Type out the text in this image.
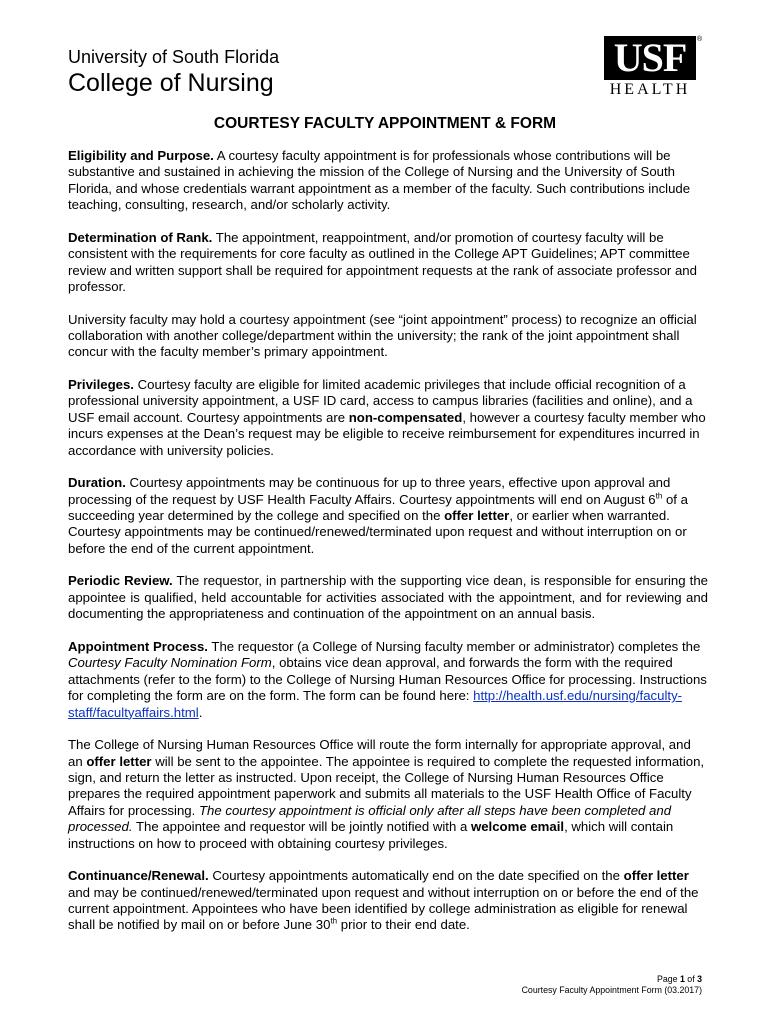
University of South Florida
College of Nursing
USF	®
HEALTH
COURTESY FACULTY APPOINTMENT & FORM

Eligibility and Purpose. A courtesy faculty appointment is for professionals whose contributions will be substantive and sustained in achieving the mission of the College of Nursing and the University of South Florida, and whose credentials warrant appointment as a member of the faculty. Such contributions include teaching, consulting, research, and/or scholarly activity.

Determination of Rank. The appointment, reappointment, and/or promotion of courtesy faculty will be consistent with the requirements for core faculty as outlined in the College APT Guidelines; APT committee review and written support shall be required for appointment requests at the rank of associate professor and professor.

University faculty may hold a courtesy appointment (see “joint appointment” process) to recognize an official collaboration with another college/department within the university; the rank of the joint appointment shall concur with the faculty member’s primary appointment.

Privileges. Courtesy faculty are eligible for limited academic privileges that include official recognition of a professional university appointment, a USF ID card, access to campus libraries (facilities and online), and a USF email account. Courtesy appointments are non-compensated, however a courtesy faculty member who incurs expenses at the Dean’s request may be eligible to receive reimbursement for expenditures incurred in accordance with university policies.

Duration. Courtesy appointments may be continuous for up to three years, effective upon approval and processing of the request by USF Health Faculty Affairs. Courtesy appointments will end on August 6th of a succeeding year determined by the college and specified on the offer letter, or earlier when warranted. Courtesy appointments may be continued/renewed/terminated upon request and without interruption on or before the end of the current appointment.

Periodic Review. The requestor, in partnership with the supporting vice dean, is responsible for ensuring the appointee is qualified, held accountable for activities associated with the appointment, and for reviewing and documenting the appropriateness and continuation of the appointment on an annual basis.

Appointment Process. The requestor (a College of Nursing faculty member or administrator) completes the Courtesy Faculty Nomination Form, obtains vice dean approval, and forwards the form with the required attachments (refer to the form) to the College of Nursing Human Resources Office for processing. Instructions for completing the form are on the form. The form can be found here: http://health.usf.edu/nursing/faculty-staff/facultyaffairs.html.

The College of Nursing Human Resources Office will route the form internally for appropriate approval, and an offer letter will be sent to the appointee. The appointee is required to complete the requested information, sign, and return the letter as instructed. Upon receipt, the College of Nursing Human Resources Office prepares the required appointment paperwork and submits all materials to the USF Health Office of Faculty Affairs for processing. The courtesy appointment is official only after all steps have been completed and processed. The appointee and requestor will be jointly notified with a welcome email, which will contain instructions on how to proceed with obtaining courtesy privileges.

Continuance/Renewal. Courtesy appointments automatically end on the date specified on the offer letter and may be continued/renewed/terminated upon request and without interruption on or before the end of the current appointment. Appointees who have been identified by college administration as eligible for renewal shall be notified by mail on or before June 30th prior to their end date.

Page 1 of 3
Courtesy Faculty Appointment Form (03.2017)
